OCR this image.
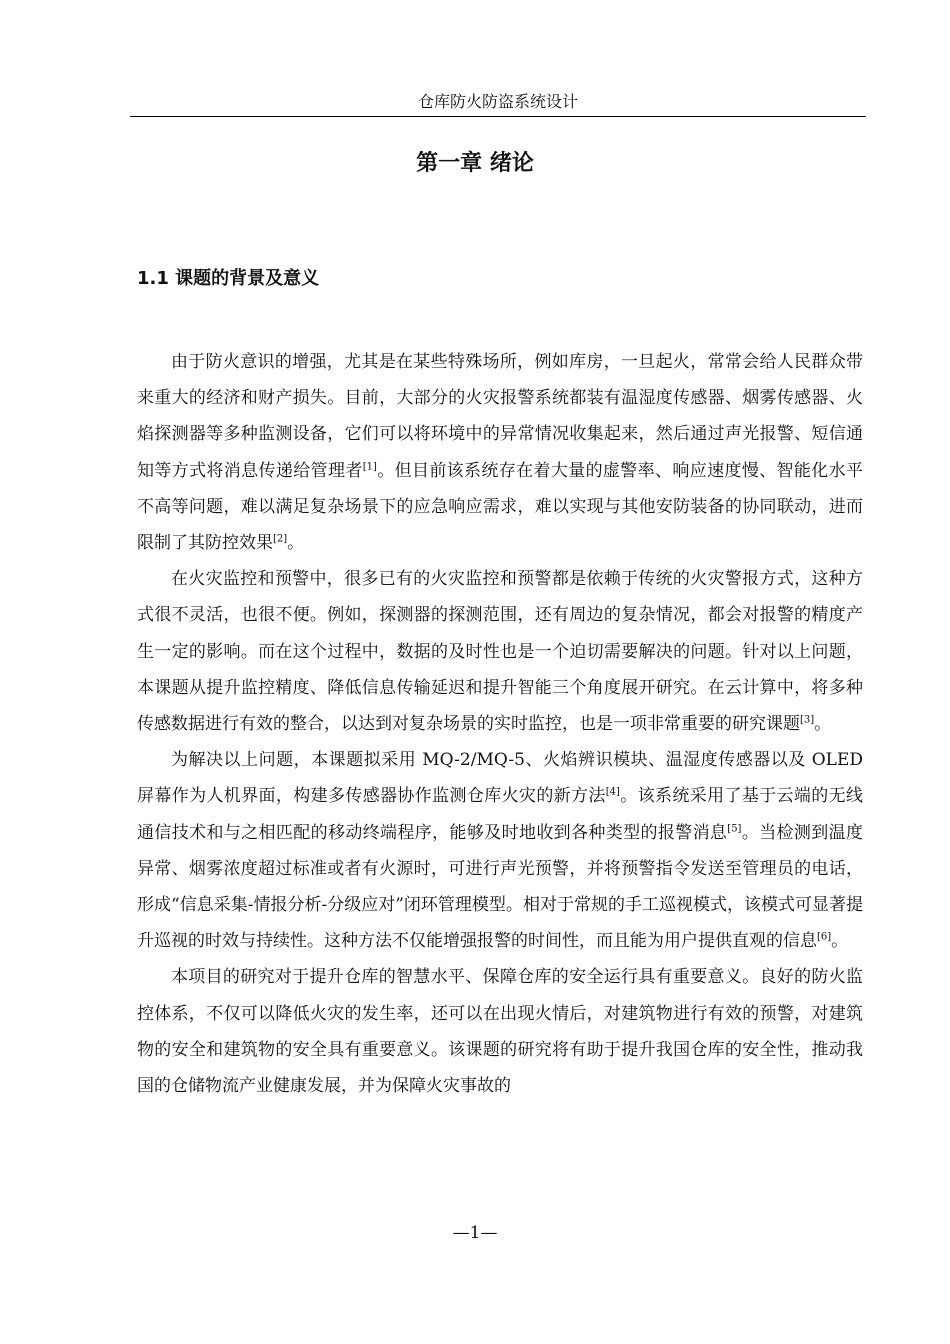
仓库防火防盗系统设计
第一章 绪论
1.1 课题的背景及意义

由于防火意识的增强，尤其是在某些特殊场所，例如库房，一旦起火，常常会给人民群众带来重大的经济和财产损失。目前，大部分的火灾报警系统都装有温湿度传感器、烟雾传感器、火焰探测器等多种监测设备，它们可以将环境中的异常情况收集起来，然后通过声光报警、短信通知等方式将消息传递给管理者[1]。但目前该系统存在着大量的虚警率、响应速度慢、智能化水平不高等问题，难以满足复杂场景下的应急响应需求，难以实现与其他安防装备的协同联动，进而限制了其防控效果[2]。

在火灾监控和预警中，很多已有的火灾监控和预警都是依赖于传统的火灾警报方式，这种方式很不灵活，也很不便。例如，探测器的探测范围，还有周边的复杂情况，都会对报警的精度产生一定的影响。而在这个过程中，数据的及时性也是一个迫切需要解决的问题。针对以上问题，本课题从提升监控精度、降低信息传输延迟和提升智能三个角度展开研究。在云计算中，将多种传感数据进行有效的整合，以达到对复杂场景的实时监控，也是一项非常重要的研究课题[3]。

为解决以上问题，本课题拟采用 MQ-2/MQ-5、火焰辨识模块、温湿度传感器以及 OLED 屏幕作为人机界面，构建多传感器协作监测仓库火灾的新方法[4]。该系统采用了基于云端的无线通信技术和与之相匹配的移动终端程序，能够及时地收到各种类型的报警消息[5]。当检测到温度异常、烟雾浓度超过标准或者有火源时，可进行声光预警，并将预警指令发送至管理员的电话，形成“信息采集-情报分析-分级应对”闭环管理模型。相对于常规的手工巡视模式，该模式可显著提升巡视的时效与持续性。这种方法不仅能增强报警的时间性，而且能为用户提供直观的信息[6]。

本项目的研究对于提升仓库的智慧水平、保障仓库的安全运行具有重要意义。良好的防火监控体系，不仅可以降低火灾的发生率，还可以在出现火情后，对建筑物进行有效的预警，对建筑物的安全和建筑物的安全具有重要意义。该课题的研究将有助于提升我国仓库的安全性，推动我国的仓储物流产业健康发展，并为保障火灾事故的

—1—
